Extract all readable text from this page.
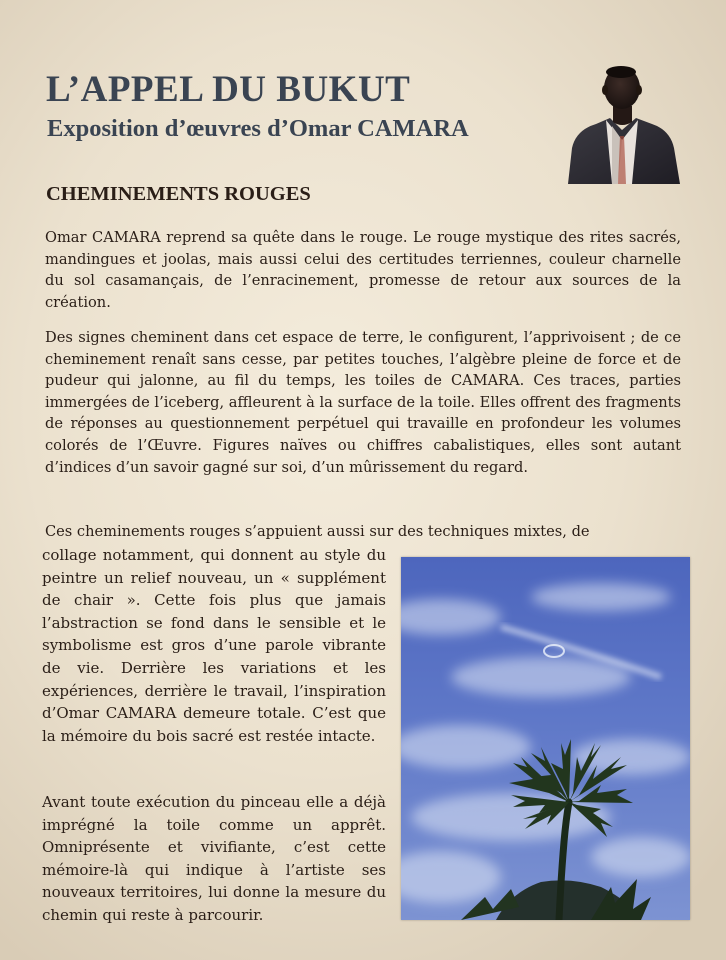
L’APPEL DU BUKUT
Exposition d’œuvres d’Omar CAMARA
CHEMINEMENTS ROUGES

Omar CAMARA reprend sa quête dans le rouge. Le rouge mystique des rites sacrés, mandingues et joolas, mais aussi celui des certitudes terriennes, couleur charnelle du sol casamançais, de l’enracinement, promesse de retour aux sources de la création.

Des signes cheminent dans cet espace de terre, le configurent, l’apprivoisent ; de ce cheminement renaît sans cesse, par petites touches, l’algèbre pleine de force et de pudeur qui jalonne, au fil du temps, les toiles de CAMARA. Ces traces, parties immergées de l’iceberg, affleurent à la surface de la toile. Elles offrent des fragments de réponses au questionnement perpétuel qui travaille en profondeur les volumes colorés de l’Œuvre. Figures naïves ou chiffres cabalistiques, elles sont autant d’indices d’un savoir gagné sur soi, d’un mûrissement du regard.

Ces cheminements rouges s’appuient aussi sur des techniques mixtes, de

collage notamment, qui donnent au style du peintre un relief nouveau, un « supplément de chair ». Cette fois plus que jamais l’abstraction se fond dans le sensible et le symbolisme est gros d’une parole vibrante de vie. Derrière les variations et les expériences, derrière le travail, l’inspiration d’Omar CAMARA demeure totale. C’est que la mémoire du bois sacré est restée intacte.

Avant toute exécution du pinceau elle a déjà imprégné la toile comme un apprêt. Omniprésente et vivifiante, c’est cette mémoire-là qui indique à l’artiste ses nouveaux territoires, lui donne la mesure du chemin qui reste à parcourir.
